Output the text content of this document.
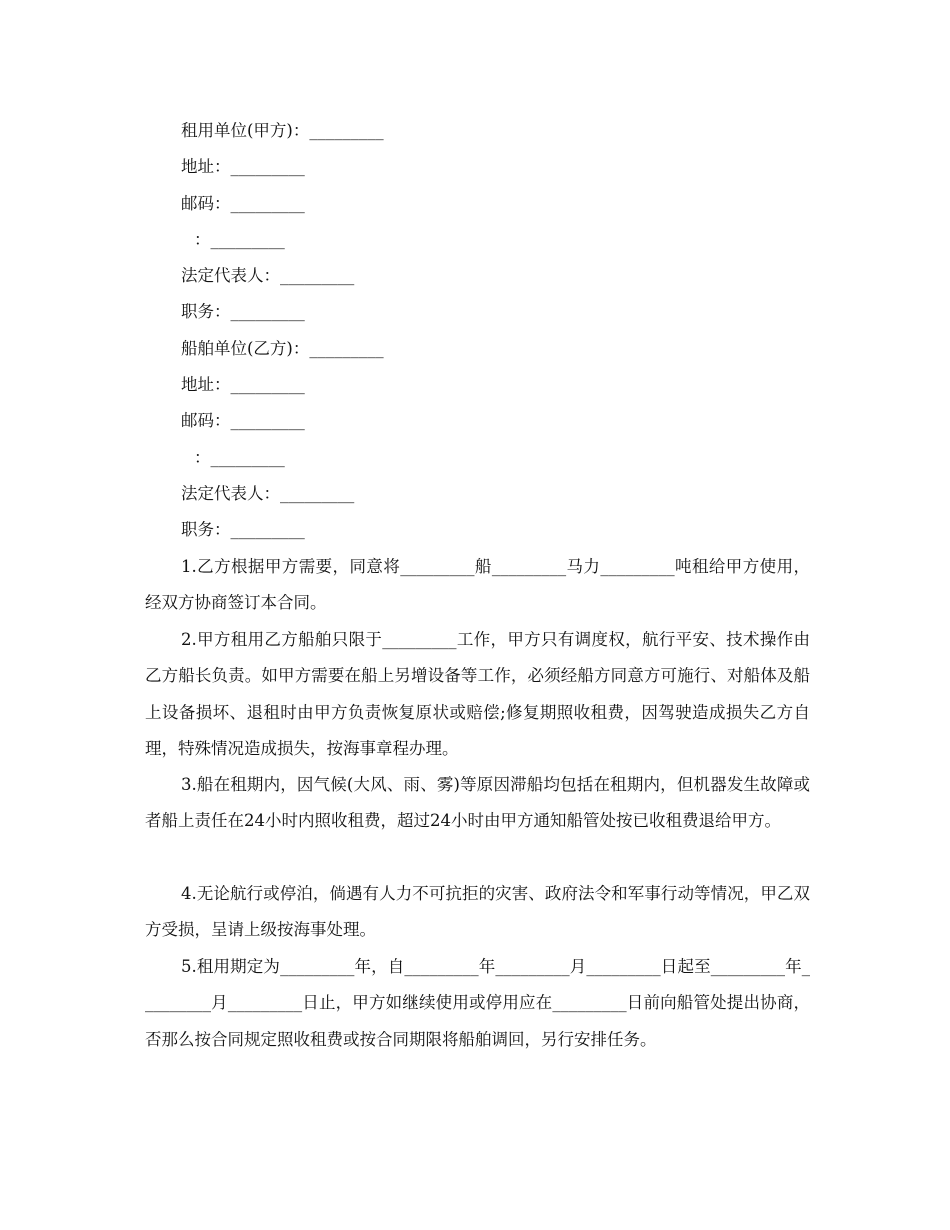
租用单位(甲方)：_________
地址：_________
邮码：_________
：_________
法定代表人：_________
职务：_________
船舶单位(乙方)：_________
地址：_________
邮码：_________
：_________
法定代表人：_________
职务：_________

1.乙方根据甲方需要，同意将_________船_________马力_________吨租给甲方使用，经双方协商签订本合同。

2.甲方租用乙方船舶只限于_________工作，甲方只有调度权，航行平安、技术操作由乙方船长负责。如甲方需要在船上另增设备等工作，必须经船方同意方可施行、对船体及船上设备损坏、退租时由甲方负责恢复原状或赔偿;修复期照收租费，因驾驶造成损失乙方自理，特殊情况造成损失，按海事章程办理。

3.船在租期内，因气候(大风、雨、雾)等原因滞船均包括在租期内，但机器发生故障或者船上责任在24小时内照收租费，超过24小时由甲方通知船管处按已收租费退给甲方。

4.无论航行或停泊，倘遇有人力不可抗拒的灾害、政府法令和军事行动等情况，甲乙双方受损，呈请上级按海事处理。

5.租用期定为_________年，自_________年_________月_________日起至_________年_________月_________日止，甲方如继续使用或停用应在_________日前向船管处提出协商，否那么按合同规定照收租费或按合同期限将船舶调回，另行安排任务。
